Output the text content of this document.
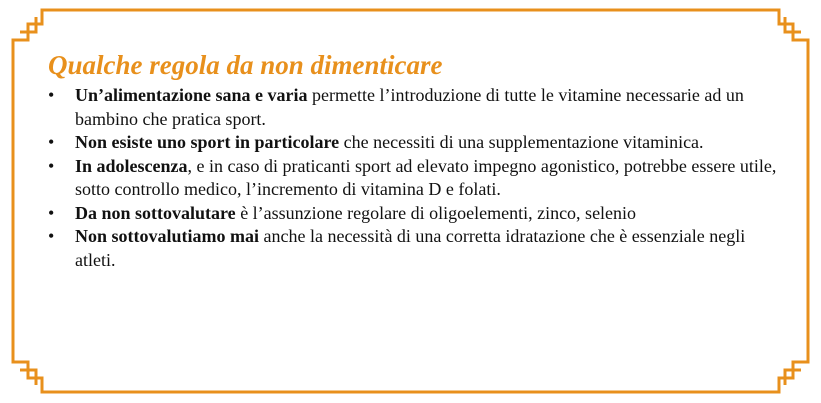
Qualche regola da non dimenticare
• Un’alimentazione sana e varia permette l’introduzione di tutte le vitamine necessarie ad un bambino che pratica sport.
• Non esiste uno sport in particolare che necessiti di una supplementazione vitaminica.
• In adolescenza, e in caso di praticanti sport ad elevato impegno agonistico, potrebbe essere utile, sotto controllo medico, l’incremento di vitamina D e folati.
• Da non sottovalutare è l’assunzione regolare di oligoelementi, zinco, selenio
• Non sottovalutiamo mai anche la necessità di una corretta idratazione che è essenziale negli atleti.
